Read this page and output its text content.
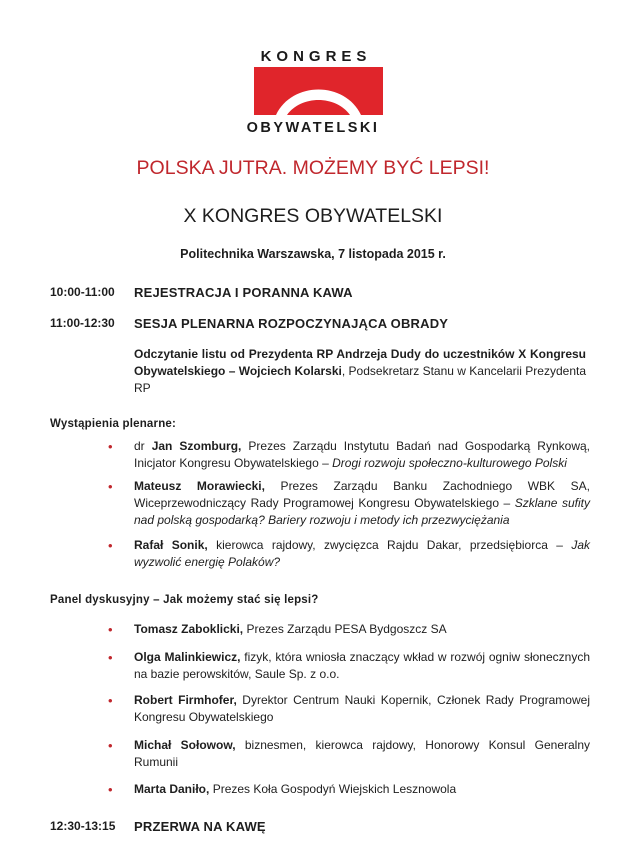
KONGRES
OBYWATELSKI
POLSKA JUTRA. MOŻEMY BYĆ LEPSI!
X KONGRES OBYWATELSKI
Politechnika Warszawska, 7 listopada 2015 r.
10:00-11:00	REJESTRACJA I PORANNA KAWA
11:00-12:30	SESJA PLENARNA ROZPOCZYNAJĄCA OBRADY
Odczytanie listu od Prezydenta RP Andrzeja Dudy do uczestników X Kongresu Obywatelskiego – Wojciech Kolarski, Podsekretarz Stanu w Kancelarii Prezydenta RP
Wystąpienia plenarne:
• dr Jan Szomburg, Prezes Zarządu Instytutu Badań nad Gospodarką Rynkową, Inicjator Kongresu Obywatelskiego – Drogi rozwoju społeczno-kulturowego Polski
• Mateusz Morawiecki, Prezes Zarządu Banku Zachodniego WBK SA, Wiceprzewodniczący Rady Programowej Kongresu Obywatelskiego – Szklane sufity nad polską gospodarką? Bariery rozwoju i metody ich przezwyciężania
• Rafał Sonik, kierowca rajdowy, zwycięzca Rajdu Dakar, przedsiębiorca – Jak wyzwolić energię Polaków?
Panel dyskusyjny – Jak możemy stać się lepsi?
• Tomasz Zaboklicki, Prezes Zarządu PESA Bydgoszcz SA
• Olga Malinkiewicz, fizyk, która wniosła znaczący wkład w rozwój ogniw słonecznych na bazie perowskitów, Saule Sp. z o.o.
• Robert Firmhofer, Dyrektor Centrum Nauki Kopernik, Członek Rady Programowej Kongresu Obywatelskiego
• Michał Sołowow, biznesmen, kierowca rajdowy, Honorowy Konsul Generalny Rumunii
• Marta Daniło, Prezes Koła Gospodyń Wiejskich Lesznowola
12:30-13:15	PRZERWA NA KAWĘ
